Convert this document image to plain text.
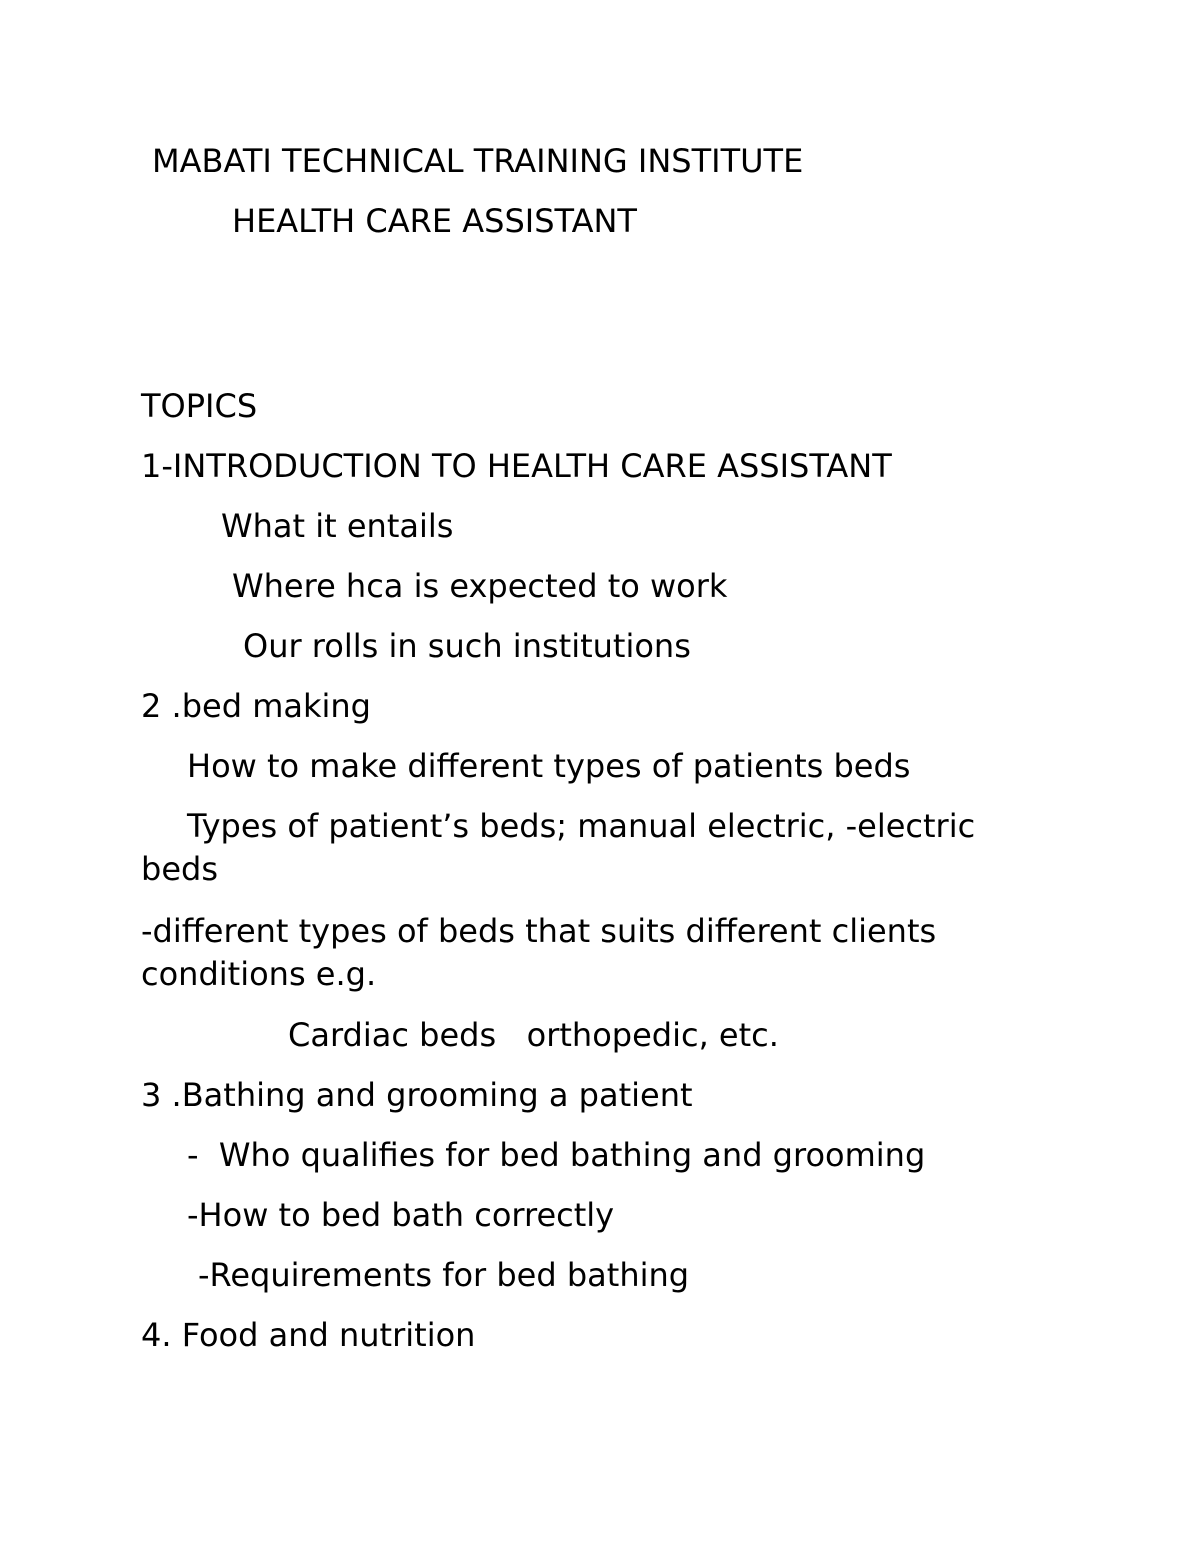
MABATI TECHNICAL TRAINING INSTITUTE

HEALTH CARE ASSISTANT

TOPICS

1-INTRODUCTION TO HEALTH CARE ASSISTANT

What it entails

Where hca is expected to work

Our rolls in such institutions

2 .bed making

How to make different types of patients beds

Types of patient’s beds; manual electric, -electric beds

-different types of beds that suits different clients conditions e.g.

Cardiac beds   orthopedic, etc.

3 .Bathing and grooming a patient

-  Who qualifies for bed bathing and grooming

-How to bed bath correctly

-Requirements for bed bathing

4. Food and nutrition
